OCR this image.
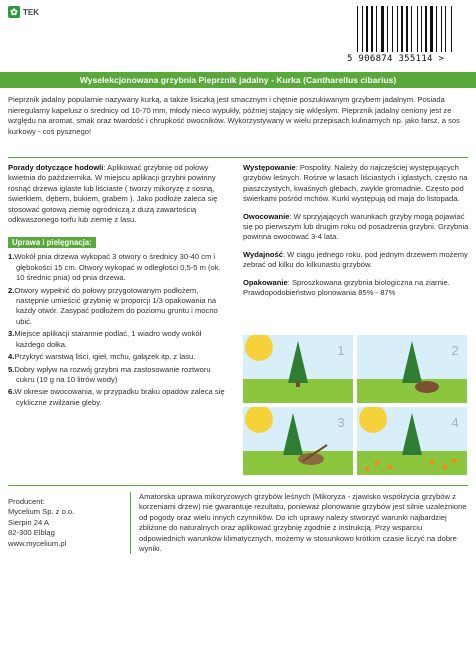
✿ TEK
5 906874 355114 >
Wyselekcjonowana grzybnia Pieprznik jadalny - Kurka (Cantharellus cibarius)
Pieprznik jadalny popularnie nazywany kurką, a także lisiczką jest smacznym i chętnie poszukiwanym grzybem jadalnym. Posiada nieregularny kapelusz o średnicy od 10-70 mm, młody nieco wypukły, później stający się wklęsłym. Pieprznik jadalny ceniony jest ze względu na aromat, smak oraz twardość i chrupkość owocników. Wykorzystywany w wielu przepisach kulinarnych np. jako farsz, a sos kurkowy - coś pysznego!

Porady dotyczące hodowli: Aplikować grzybnię od połowy kwietnia do października. W miejscu aplikacji grzybni powinny rosnąć drzewa iglaste lub liściaste ( tworzy mikoryzę z sosną, świerkiem, dębem, bukiem, grabem ). Jako podłoże zaleca się stosować gotową ziemię ogrodniczą z dużą zawartością odkwaszonego torfu lub ziemię z lasu.

Uprawa i pielęgnacja:
1.Wokół pnia drzewa wykopać 3 otwory o średnicy 30-40 cm i głębokości 15 cm. Otwory wykopać w odległości 0,5-5 m (ok. 10 średnic pnia) od pnia drzewa.
2.Otwory wypełnić do połowy przygotowanym podłożem, następnie umieścić grzybnię w proporcji 1/3 opakowania na każdy otwór. Zasypać podłożem do poziomu gruntu i mocno ubić.
3.Miejsce aplikacji starannie podlać, 1 wiadro wody wokół każdego dołka.
4.Przykryć warstwą liści, igieł, mchu, gałązek itp. z lasu.
5.Dobry wpływ na rozwój grzybni ma zastosowanie roztworu cukru (10 g na 10 litrów wody)
6.W okresie owocowania, w przypadku braku opadów zaleca się cykliczne zwilżanie gleby.

Występowanie: Pospolity. Należy do najczęściej występujących grzybów leśnych. Rośnie w lasach liściastych i iglastych, często na piaszczystych, kwaśnych glebach, zwykle gromadnie. Często pod świerkami pośród mchów. Kurki występują od maja do listopada.

Owocowanie: W sprzyjających warunkach grzyby mogą pojawiać się po pierwszym lub drugim roku od posadzenia grzybni. Grzybnia powinna owocować 3-4 lata.

Wydajność: W ciągu jednego roku, pod jednym drzewem możemy zebrać od kilku do kilkunastu grzybów.

Opakowanie: Sproszkowana grzybnia biologiczna na ziarnie. Prawdopodobieństwo plonowania 85% - 87%

1	2
3	4
Producent:
Mycelium Sp. z o.o.
Sierpin 24 A
82-300 Elbląg
www.mycelium.pl
Amatorska uprawa mikoryzowych grzybów leśnych (Mikoryza - zjawisko współżycia grzybów z korzeniami drzew) nie gwarantuje rezultatu, ponieważ plonowanie grzybów jest silnie uzależnione od pogody oraz wielu innych czynników. Do ich uprawy należy stworzyć warunki najbardziej zbliżone do naturalnych oraz aplikować grzybnię zgodnie z instrukcją. Przy wsparciu odpowiednich warunków klimatycznych, możemy w stosunkowo krótkim czasie liczyć na dobre wyniki.
